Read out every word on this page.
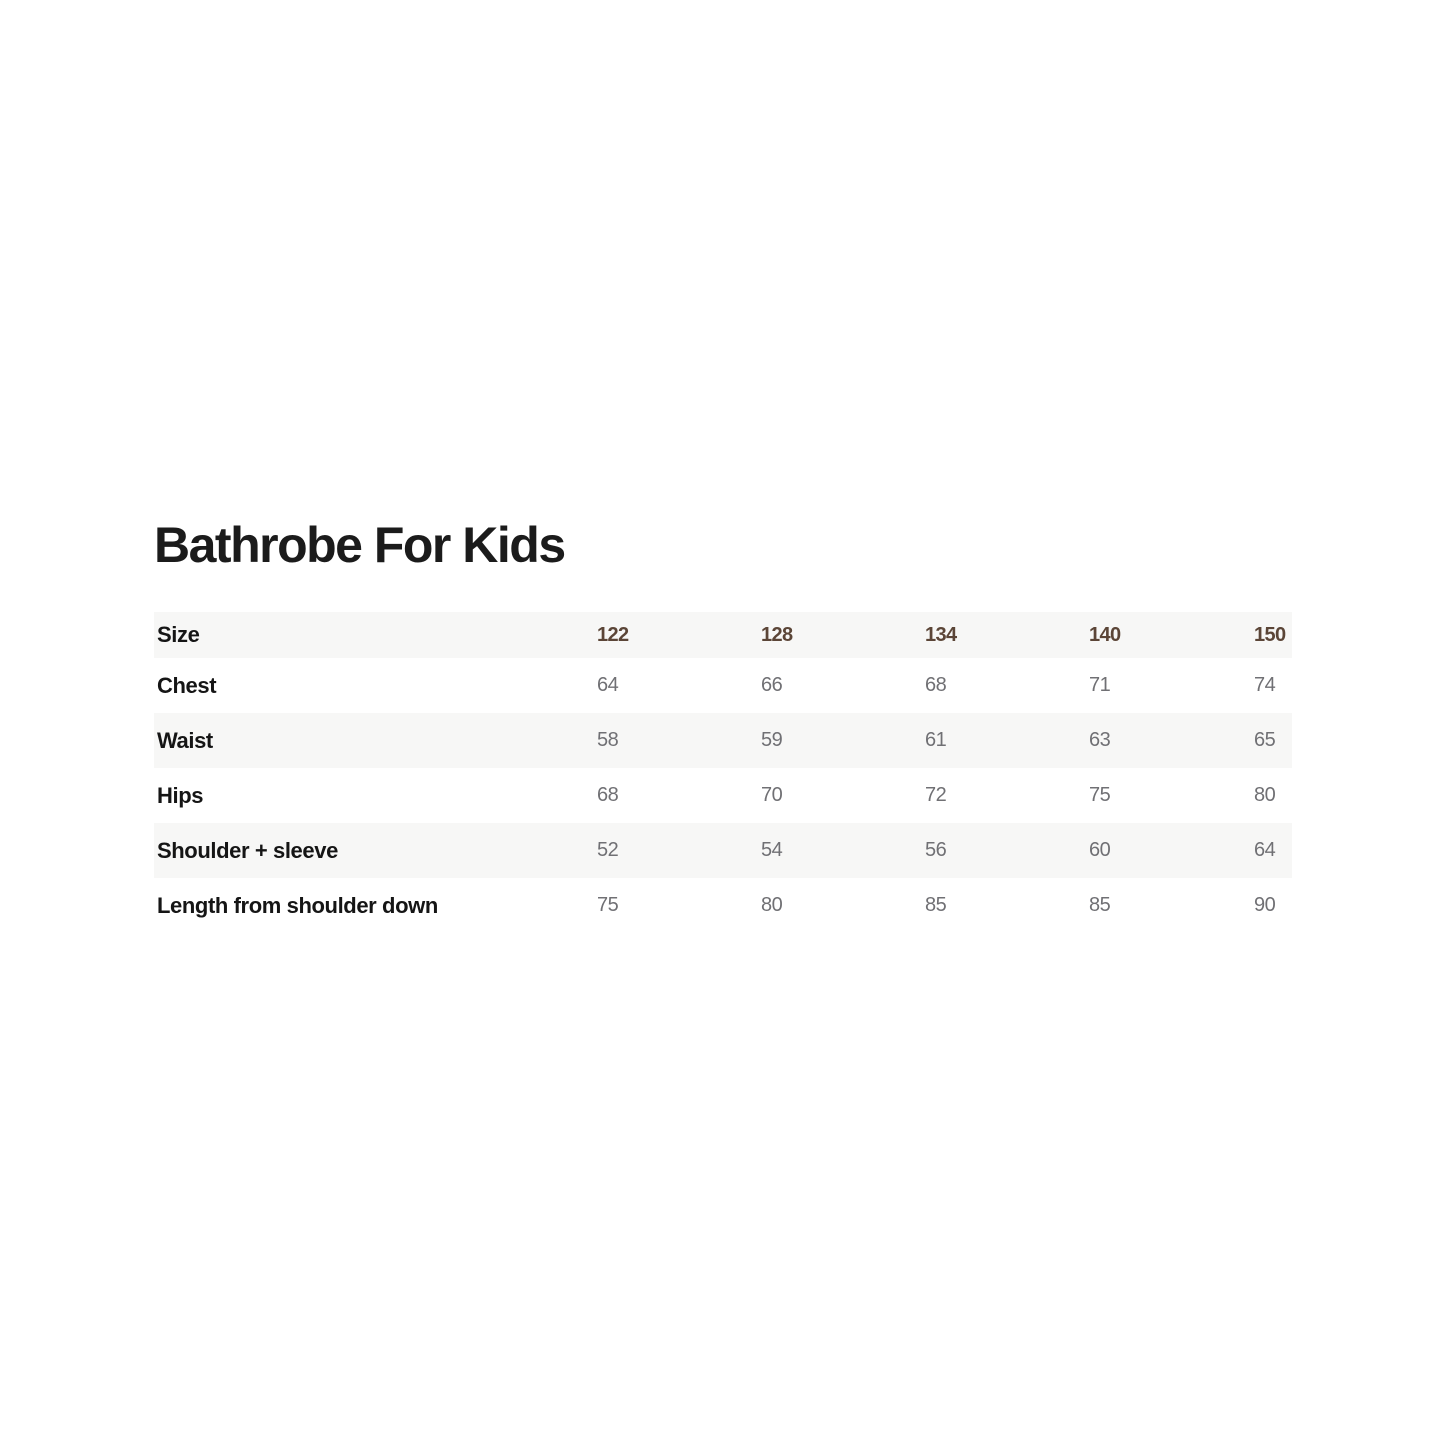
Bathrobe For Kids
Size	122	128	134	140	150
Chest	64	66	68	71	74
Waist	58	59	61	63	65
Hips	68	70	72	75	80
Shoulder + sleeve	52	54	56	60	64
Length from shoulder down	75	80	85	85	90
